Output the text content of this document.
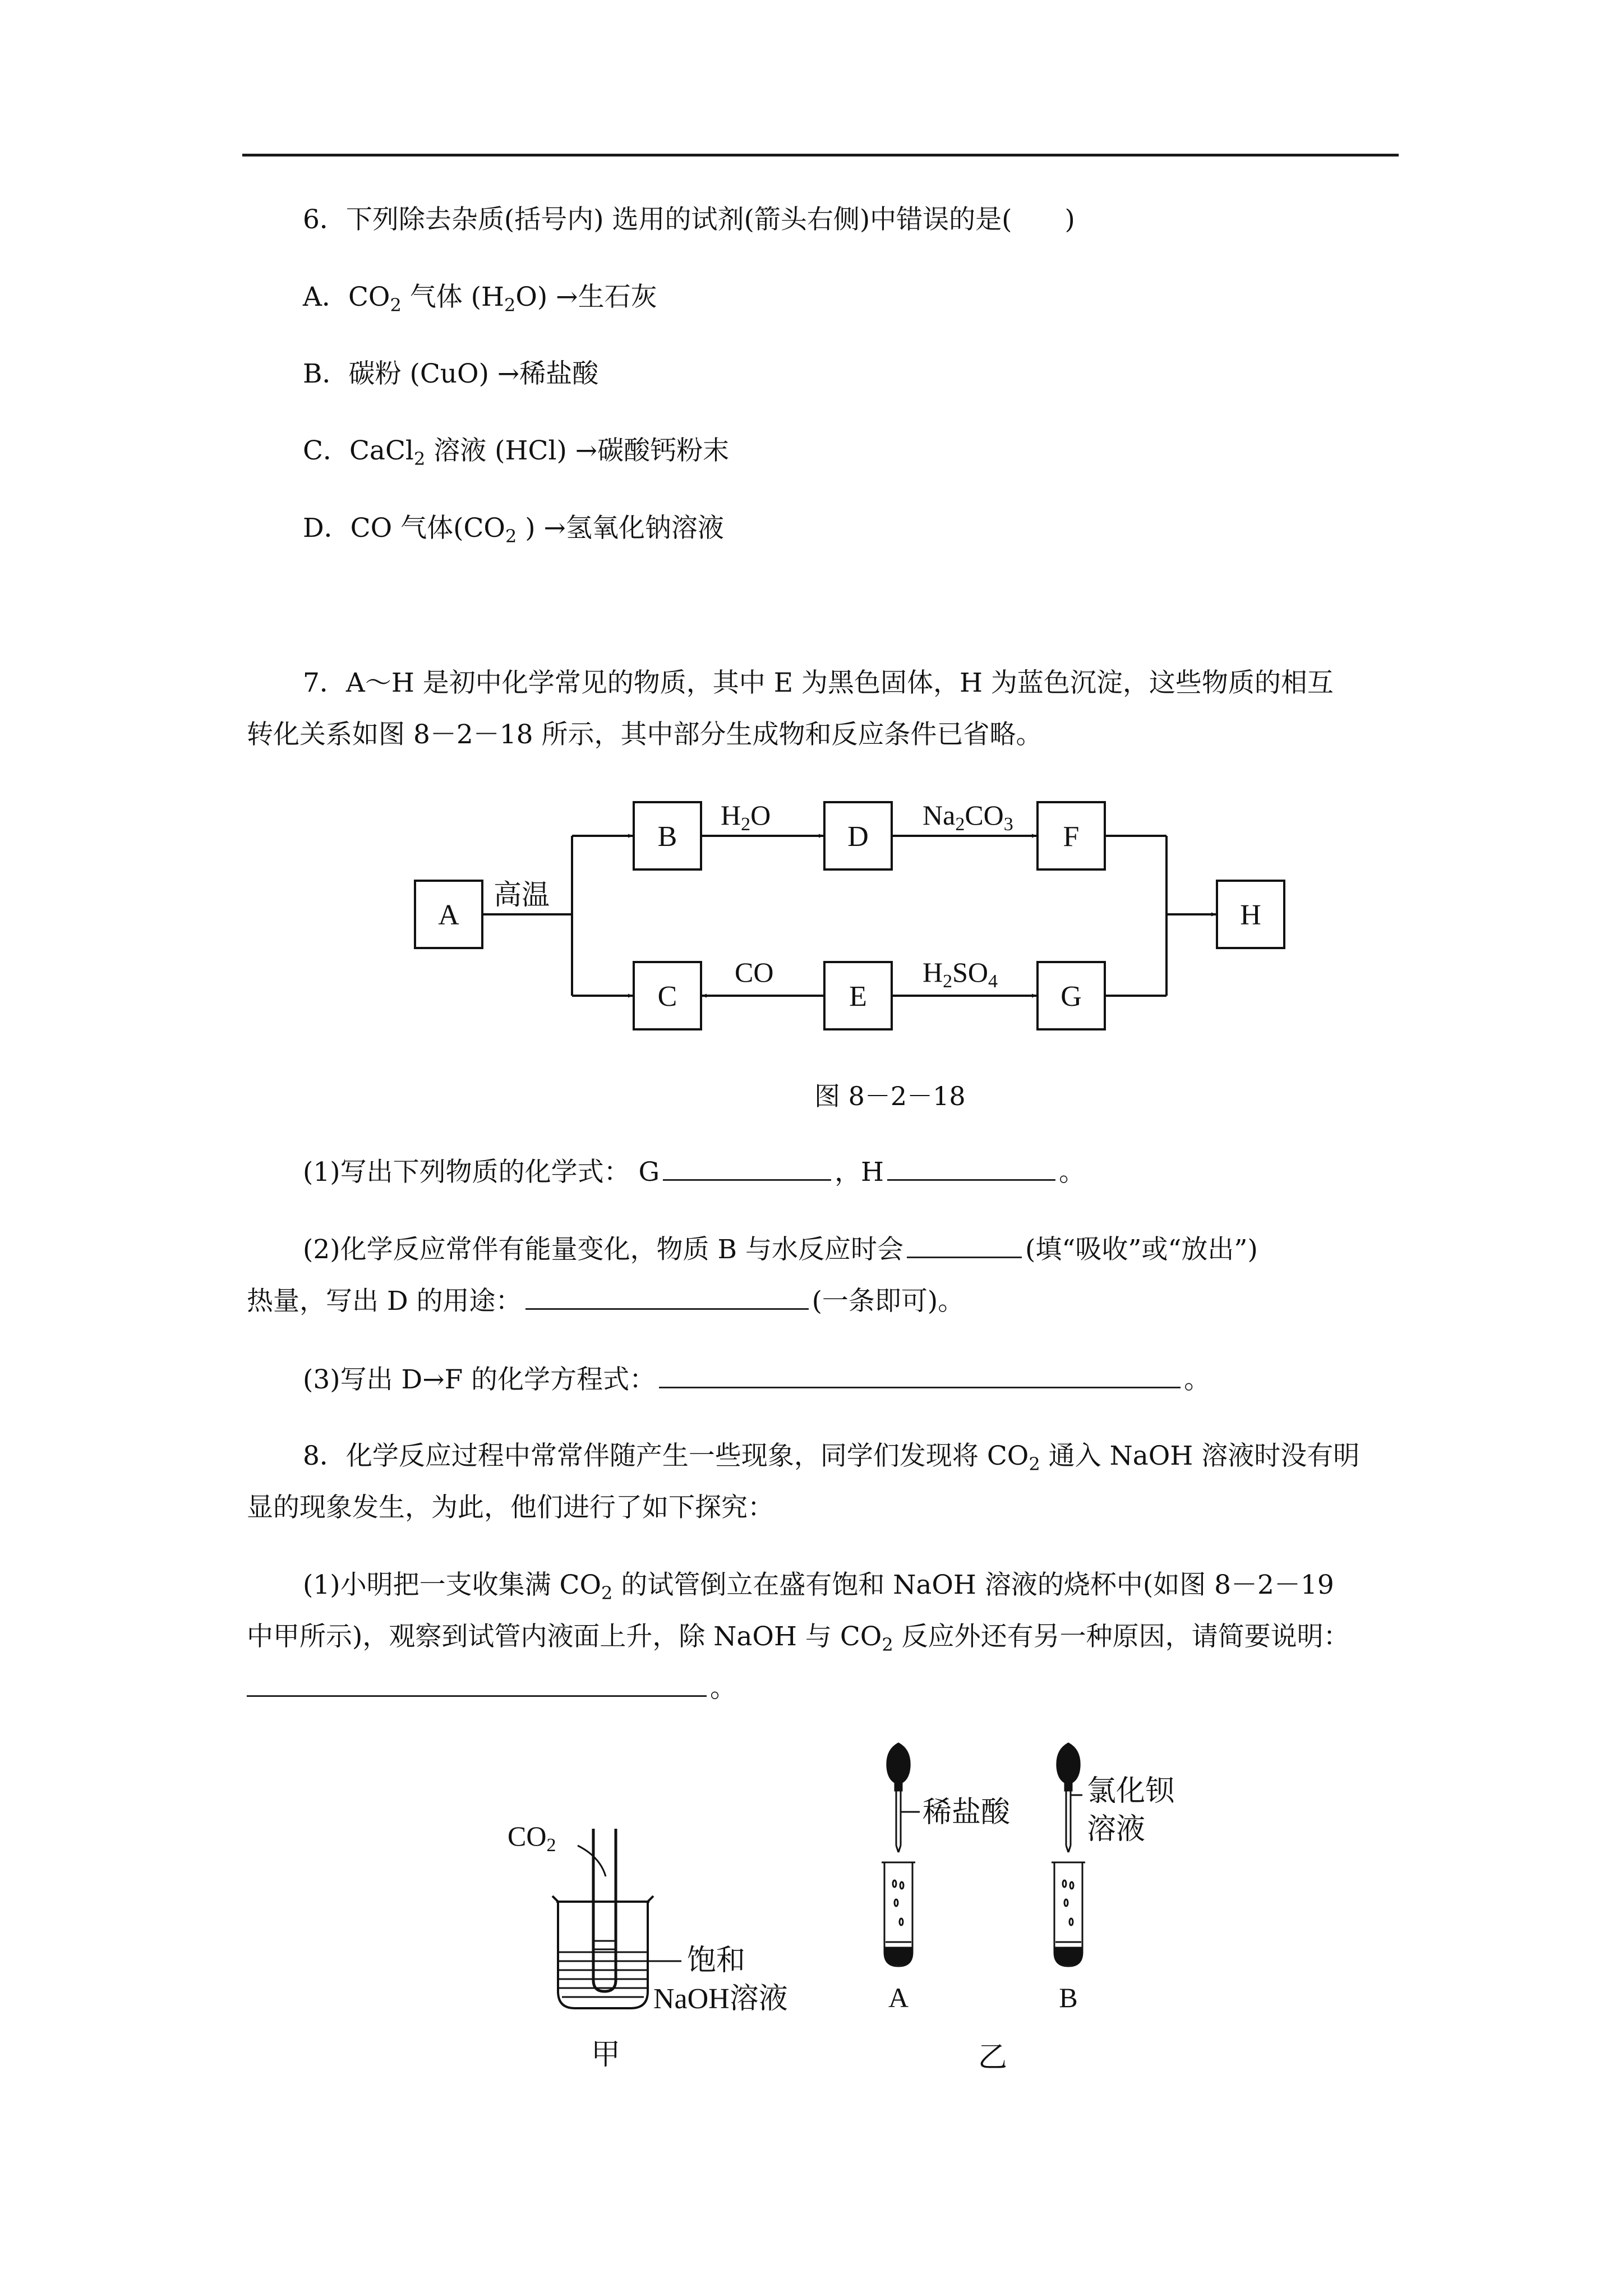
6．下列除去杂质(括号内) 选用的试剂(箭头右侧)中错误的是(　　)
A．$CO_2$ 气体 $(H_2O)$ →生石灰
B．碳粉 (CuO) →稀盐酸
C．CaCl$_2$ 溶液 (HCl) →碳酸钙粉末
D．CO 气体($CO_2$ ) →氢氧化钠溶液
7．A～H 是初中化学常见的物质，其中 E 为黑色固体，H 为蓝色沉淀，这些物质的相互
转化关系如图 8－2－18 所示，其中部分生成物和反应条件已省略。
A
B	D	F
H
C	E	G
高温
$H_2O$	$Na_2CO_3$
CO	$H_2SO_4$
图 8－2－18
(1)写出下列物质的化学式： G	，H	。
(2)化学反应常伴有能量变化，物质 B 与水反应时会	(填“吸收”或“放出”)
热量，写出 D 的用途：	(一条即可)。
(3)写出 D→F 的化学方程式：	。
8．化学反应过程中常常伴随产生一些现象，同学们发现将 $CO_2$ 通入 NaOH 溶液时没有明
显的现象发生，为此，他们进行了如下探究：
(1)小明把一支收集满 $CO_2$ 的试管倒立在盛有饱和 NaOH 溶液的烧杯中(如图 8－2－19
中甲所示)，观察到试管内液面上升，除 NaOH 与 $CO_2$ 反应外还有另一种原因，请简要说明：
。
$CO_2$
饱和
NaOH溶液
甲
稀盐酸
A
氯化钡
溶液
B
乙
